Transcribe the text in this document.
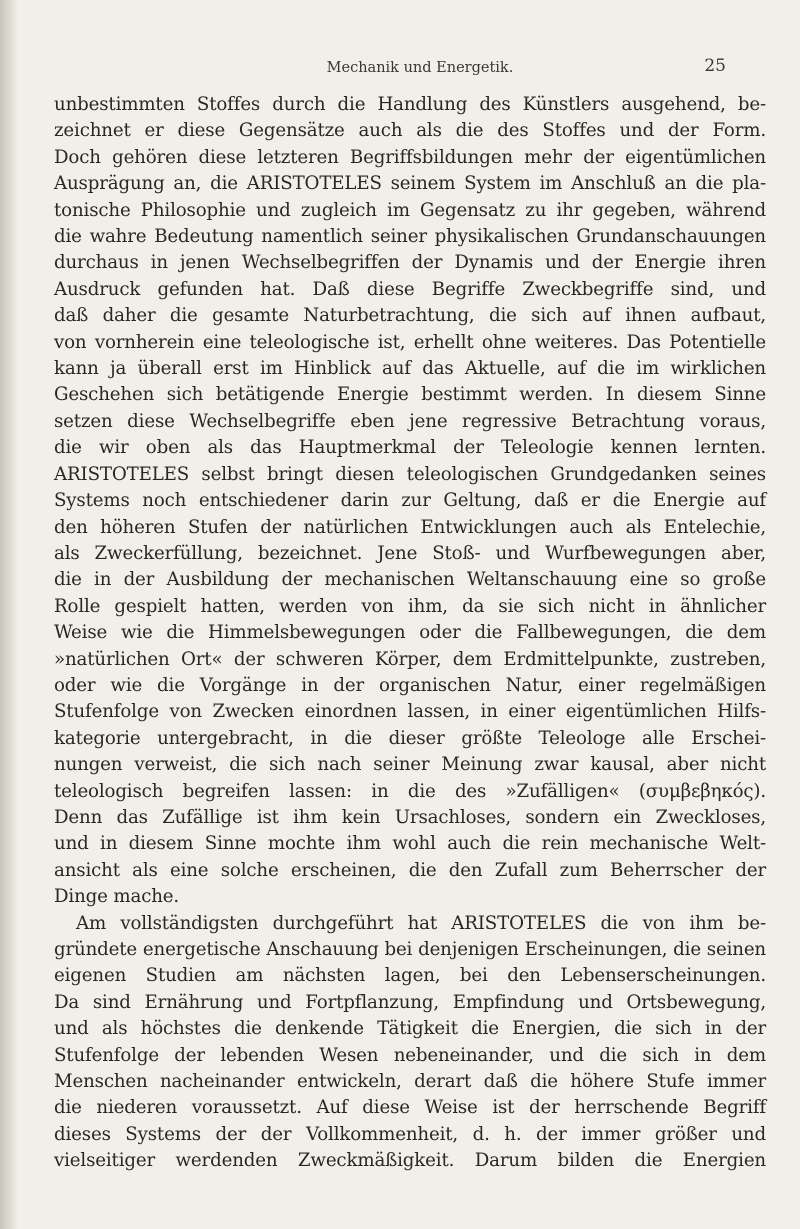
Mechanik und Energetik.	25
unbestimmten Stoffes durch die Handlung des Künstlers ausgehend, be-
zeichnet er diese Gegensätze auch als die des Stoffes und der Form.
Doch gehören diese letzteren Begriffsbildungen mehr der eigentümlichen
Ausprägung an, die ARISTOTELES seinem System im Anschluß an die pla-
tonische Philosophie und zugleich im Gegensatz zu ihr gegeben, während
die wahre Bedeutung namentlich seiner physikalischen Grundanschauungen
durchaus in jenen Wechselbegriffen der Dynamis und der Energie ihren
Ausdruck gefunden hat. Daß diese Begriffe Zweckbegriffe sind, und
daß daher die gesamte Naturbetrachtung, die sich auf ihnen aufbaut,
von vornherein eine teleologische ist, erhellt ohne weiteres. Das Potentielle
kann ja überall erst im Hinblick auf das Aktuelle, auf die im wirklichen
Geschehen sich betätigende Energie bestimmt werden. In diesem Sinne
setzen diese Wechselbegriffe eben jene regressive Betrachtung voraus,
die wir oben als das Hauptmerkmal der Teleologie kennen lernten.
ARISTOTELES selbst bringt diesen teleologischen Grundgedanken seines
Systems noch entschiedener darin zur Geltung, daß er die Energie auf
den höheren Stufen der natürlichen Entwicklungen auch als Entelechie,
als Zweckerfüllung, bezeichnet. Jene Stoß- und Wurfbewegungen aber,
die in der Ausbildung der mechanischen Weltanschauung eine so große
Rolle gespielt hatten, werden von ihm, da sie sich nicht in ähnlicher
Weise wie die Himmelsbewegungen oder die Fallbewegungen, die dem
»natürlichen Ort« der schweren Körper, dem Erdmittelpunkte, zustreben,
oder wie die Vorgänge in der organischen Natur, einer regelmäßigen
Stufenfolge von Zwecken einordnen lassen, in einer eigentümlichen Hilfs-
kategorie untergebracht, in die dieser größte Teleologe alle Erschei-
nungen verweist, die sich nach seiner Meinung zwar kausal, aber nicht
teleologisch begreifen lassen: in die des »Zufälligen« (συμβεβηκός).
Denn das Zufällige ist ihm kein Ursachloses, sondern ein Zweckloses,
und in diesem Sinne mochte ihm wohl auch die rein mechanische Welt-
ansicht als eine solche erscheinen, die den Zufall zum Beherrscher der
Dinge mache.
Am vollständigsten durchgeführt hat ARISTOTELES die von ihm be-
gründete energetische Anschauung bei denjenigen Erscheinungen, die seinen
eigenen Studien am nächsten lagen, bei den Lebenserscheinungen.
Da sind Ernährung und Fortpflanzung, Empfindung und Ortsbewegung,
und als höchstes die denkende Tätigkeit die Energien, die sich in der
Stufenfolge der lebenden Wesen nebeneinander, und die sich in dem
Menschen nacheinander entwickeln, derart daß die höhere Stufe immer
die niederen voraussetzt. Auf diese Weise ist der herrschende Begriff
dieses Systems der der Vollkommenheit, d. h. der immer größer und
vielseitiger werdenden Zweckmäßigkeit. Darum bilden die Energien
